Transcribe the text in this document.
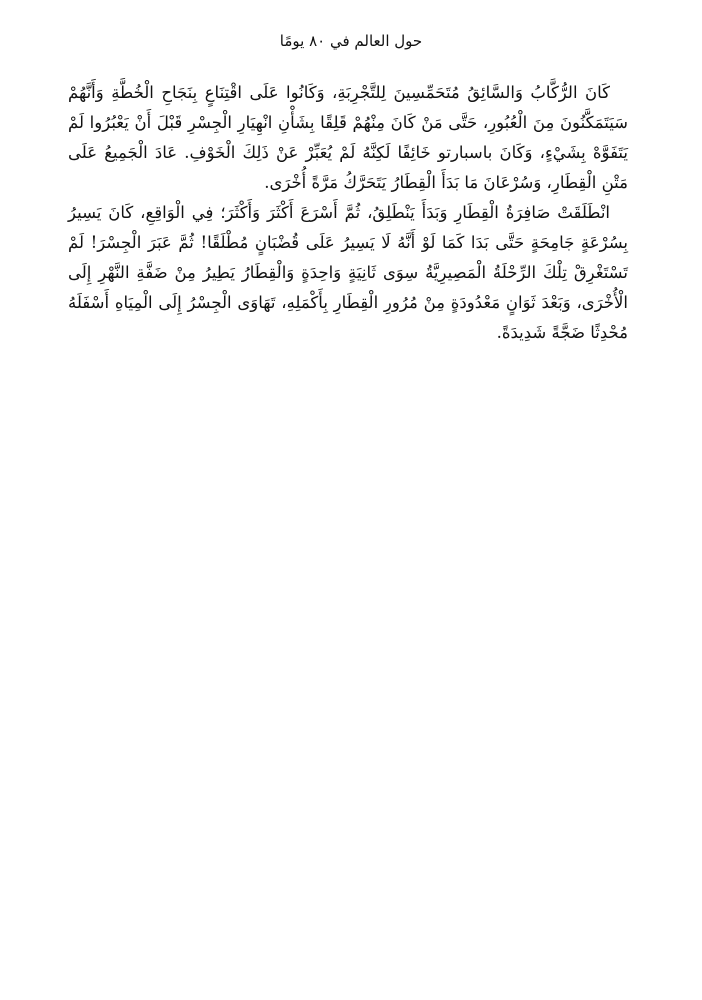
حول العالم في ٨٠ يومًا

كَانَ الرُّكَّابُ وَالسَّائِقُ مُتَحَمِّسِينَ لِلتَّجْرِبَةِ، وَكَانُوا عَلَى اقْتِنَاعٍ بِنَجَاحِ الْخُطَّةِ وَأَنَّهُمْ سَيَتَمَكَّنُونَ مِنَ الْعُبُورِ، حَتَّى مَنْ كَانَ مِنْهُمْ قَلِقًا بِشَأْنِ انْهِيَارِ الْجِسْرِ قَبْلَ أَنْ يَعْبُرُوا لَمْ يَتَفَوَّهْ بِشَيْءٍ، وَكَانَ باسبارتو خَائِفًا لَكِنَّهُ لَمْ يُعَبِّرْ عَنْ ذَلِكَ الْخَوْفِ. عَادَ الْجَمِيعُ عَلَى مَتْنِ الْقِطَارِ، وَسُرْعَانَ مَا بَدَأَ الْقِطَارُ يَتَحَرَّكُ مَرَّةً أُخْرَى.

انْطَلَقَتْ صَافِرَةُ الْقِطَارِ وَبَدَأَ يَنْطَلِقُ، ثُمَّ أَسْرَعَ أَكْثَرَ وَأَكْثَرَ؛ فِي الْوَاقِعِ، كَانَ يَسِيرُ بِسُرْعَةٍ جَامِحَةٍ حَتَّى بَدَا كَمَا لَوْ أَنَّهُ لَا يَسِيرُ عَلَى قُضْبَانٍ مُطْلَقًا! ثُمَّ عَبَرَ الْجِسْرَ! لَمْ تَسْتَغْرِقْ تِلْكَ الرِّحْلَةُ الْمَصِيرِيَّةُ سِوَى ثَانِيَةٍ وَاحِدَةٍ وَالْقِطَارُ يَطِيرُ مِنْ ضَفَّةِ النَّهْرِ إِلَى الْأُخْرَى، وَبَعْدَ ثَوَانٍ مَعْدُودَةٍ مِنْ مُرُورِ الْقِطَارِ بِأَكْمَلِهِ، تَهَاوَى الْجِسْرُ إِلَى الْمِيَاهِ أَسْفَلَهُ مُحْدِثًا ضَجَّةً شَدِيدَةً.
